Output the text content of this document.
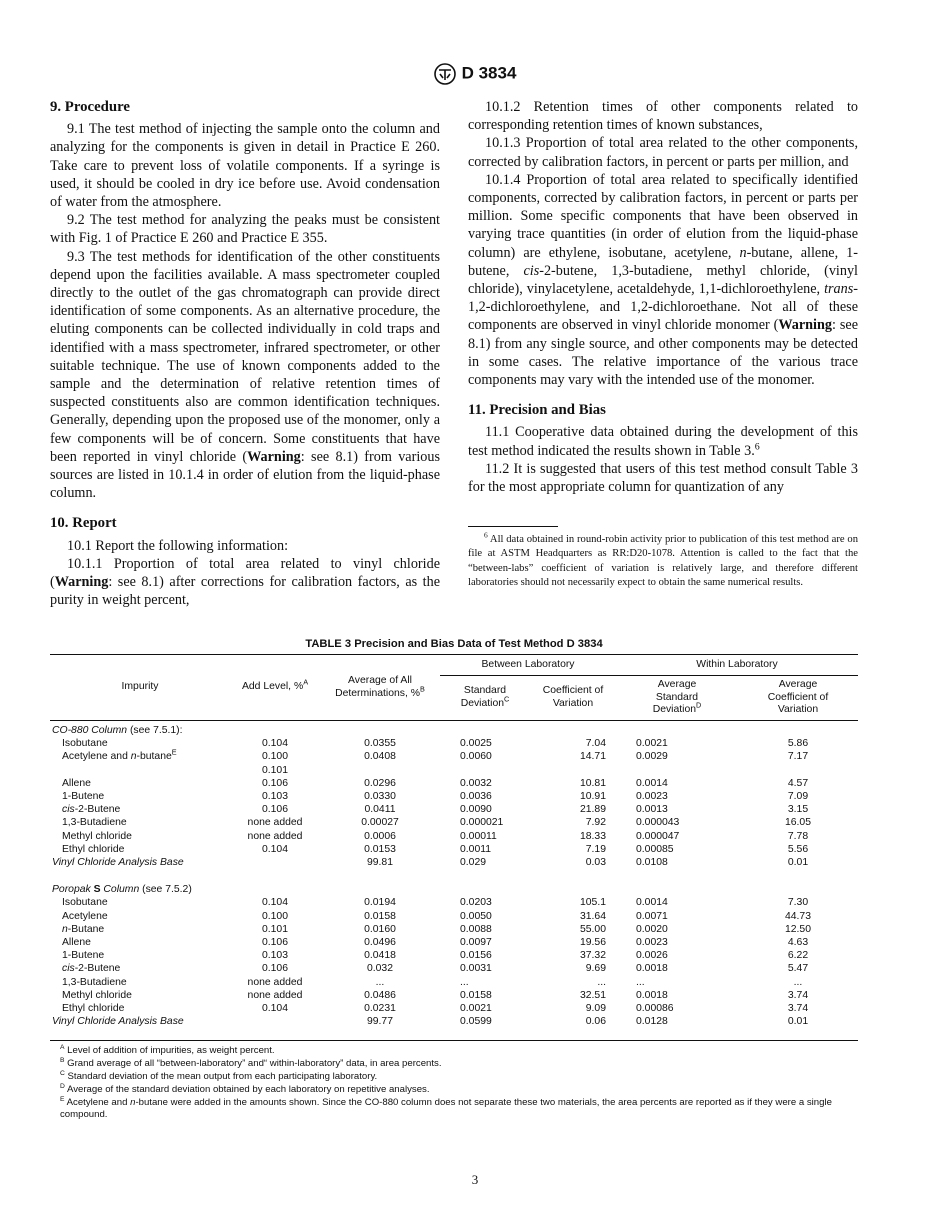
D 3834
9. Procedure

9.1 The test method of injecting the sample onto the column and analyzing for the components is given in detail in Practice E 260. Take care to prevent loss of volatile components. If a syringe is used, it should be cooled in dry ice before use. Avoid condensation of water from the atmosphere.

9.2 The test method for analyzing the peaks must be consistent with Fig. 1 of Practice E 260 and Practice E 355.

9.3 The test methods for identification of the other constituents depend upon the facilities available. A mass spectrometer coupled directly to the outlet of the gas chromatograph can provide direct identification of some components. As an alternative procedure, the eluting components can be collected individually in cold traps and identified with a mass spectrometer, infrared spectrometer, or other suitable technique. The use of known components added to the sample and the determination of relative retention times of suspected constituents also are common identification techniques. Generally, depending upon the proposed use of the monomer, only a few components will be of concern. Some constituents that have been reported in vinyl chloride (Warning: see 8.1) from various sources are listed in 10.1.4 in order of elution from the liquid-phase column.

10. Report

10.1 Report the following information:

10.1.1 Proportion of total area related to vinyl chloride (Warning: see 8.1) after corrections for calibration factors, as the purity in weight percent,

10.1.2 Retention times of other components related to corresponding retention times of known substances,

10.1.3 Proportion of total area related to the other components, corrected by calibration factors, in percent or parts per million, and

10.1.4 Proportion of total area related to specifically identified components, corrected by calibration factors, in percent or parts per million. Some specific components that have been observed in varying trace quantities (in order of elution from the liquid-phase column) are ethylene, isobutane, acetylene, n-butane, allene, 1-butene, cis-2-butene, 1,3-butadiene, methyl chloride, (vinyl chloride), vinylacetylene, acetaldehyde, 1,1-dichloroethylene, trans-1,2-dichloroethylene, and 1,2-dichloroethane. Not all of these components are observed in vinyl chloride monomer (Warning: see 8.1) from any single source, and other components may be detected in some cases. The relative importance of the various trace components may vary with the intended use of the monomer.

11. Precision and Bias

11.1 Cooperative data obtained during the development of this test method indicated the results shown in Table 3.$^6$

11.2 It is suggested that users of this test method consult Table 3 for the most appropriate column for quantization of any

$^6$ All data obtained in round-robin activity prior to publication of this test method are on file at ASTM Headquarters as RR:D20-1078. Attention is called to the fact that the “between-labs” coefficient of variation is relatively large, and therefore different laboratories should not necessarily expect to obtain the same numerical results.
TABLE 3 Precision and Bias Data of Test Method D 3834
Impurity	Add Level, %$^A$	Average of All Determinations, %$^B$	Between Laboratory		Within Laboratory	
			Standard Deviation$^C$	Coefficient of Variation	Average Standard Deviation$^D$	Average Coefficient of Variation
CO-880 Column (see 7.5.1):						
Isobutane	0.104	0.0355	0.0025	7.04	0.0021	5.86
Acetylene and n-butane$^E$	0.100	0.0408	0.0060	14.71	0.0029	7.17
	0.101					

Allene	0.106	0.0296	0.0032	10.81	0.0014	4.57
1-Butene	0.103	0.0330	0.0036	10.91	0.0023	7.09
cis-2-Butene	0.106	0.0411	0.0090	21.89	0.0013	3.15
1,3-Butadiene	none added	0.00027	0.000021	7.92	0.000043	16.05
Methyl chloride	none added	0.0006	0.00011	18.33	0.000047	7.78
Ethyl chloride	0.104	0.0153	0.0011	7.19	0.00085	5.56
Vinyl Chloride Analysis Base		99.81	0.029	0.03	0.0108	0.01
Poropak S Column (see 7.5.2)						
Isobutane	0.104	0.0194	0.0203	105.1	0.0014	7.30
Acetylene	0.100	0.0158	0.0050	31.64	0.0071	44.73
n-Butane	0.101	0.0160	0.0088	55.00	0.0020	12.50
Allene	0.106	0.0496	0.0097	19.56	0.0023	4.63
1-Butene	0.103	0.0418	0.0156	37.32	0.0026	6.22
cis-2-Butene	0.106	0.032	0.0031	9.69	0.0018	5.47
1,3-Butadiene	none added	...	...	...	...	...
Methyl chloride	none added	0.0486	0.0158	32.51	0.0018	3.74
Ethyl chloride	0.104	0.0231	0.0021	9.09	0.00086	3.74
Vinyl Chloride Analysis Base		99.77	0.0599	0.06	0.0128	0.01
$^A$ Level of addition of impurities, as weight percent.
$^B$ Grand average of all “between-laboratory” and“ within-laboratory” data, in area percents.
$^C$ Standard deviation of the mean output from each participating laboratory.
$^D$ Average of the standard deviation obtained by each laboratory on repetitive analyses.
$^E$ Acetylene and n-butane were added in the amounts shown. Since the CO-880 column does not separate these two materials, the area percents are reported as if they were a single compound.
3
